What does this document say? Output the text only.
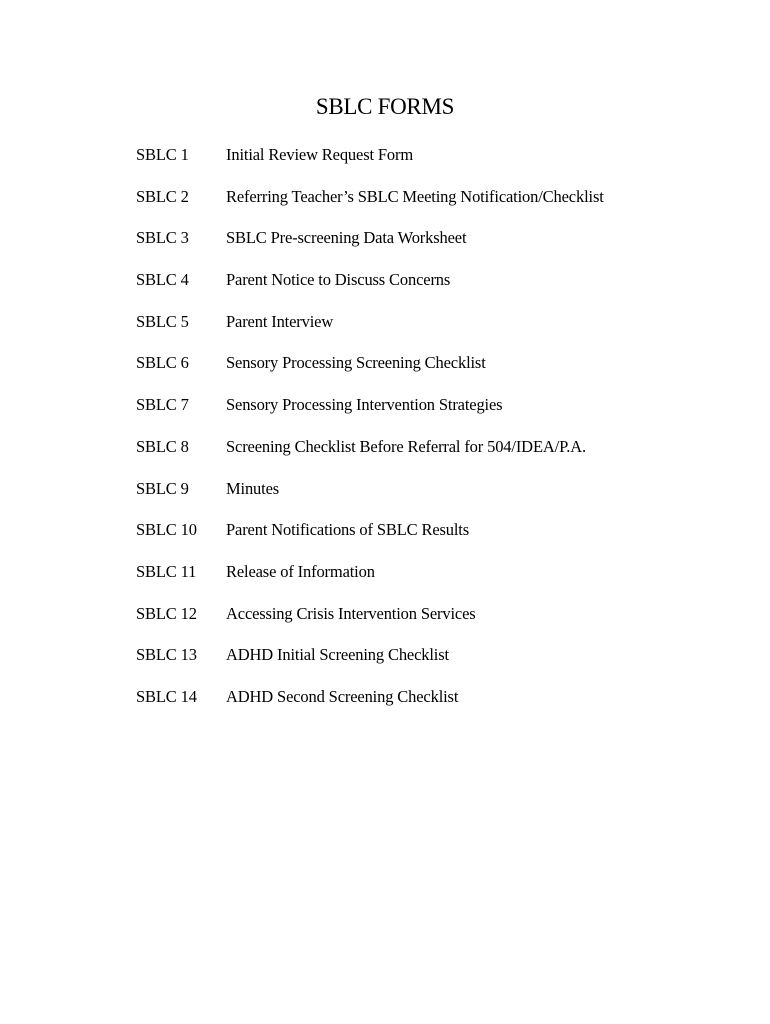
SBLC FORMS
SBLC 1	Initial Review Request Form
SBLC 2	Referring Teacher’s SBLC Meeting Notification/Checklist
SBLC 3	SBLC Pre-screening Data Worksheet
SBLC 4	Parent Notice to Discuss Concerns
SBLC 5	Parent Interview
SBLC 6	Sensory Processing Screening Checklist
SBLC 7	Sensory Processing Intervention Strategies
SBLC 8	Screening Checklist Before Referral for 504/IDEA/P.A.
SBLC 9	Minutes
SBLC 10	Parent Notifications of SBLC Results
SBLC 11	Release of Information
SBLC 12	Accessing Crisis Intervention Services
SBLC 13	ADHD Initial Screening Checklist
SBLC 14	ADHD Second Screening Checklist
